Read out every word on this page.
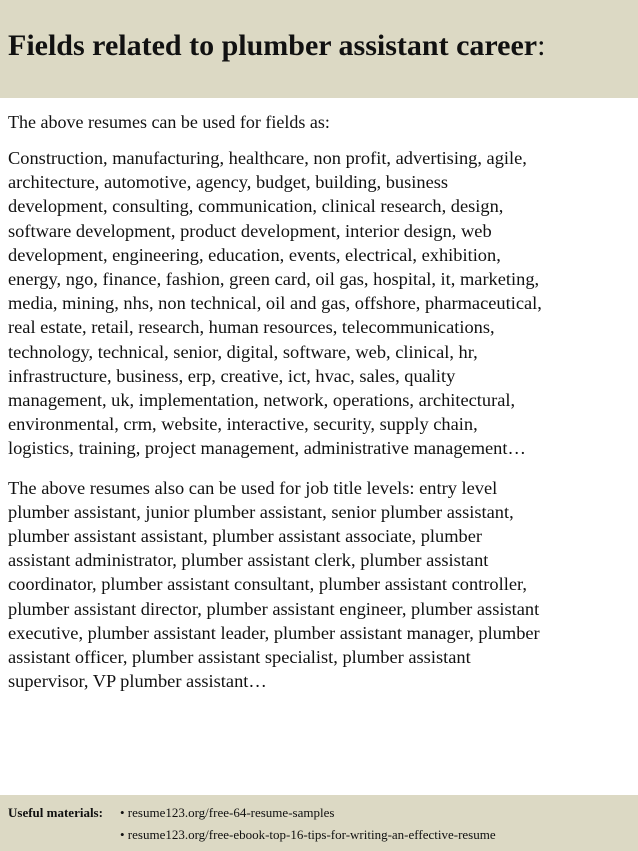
Fields related to plumber assistant career:

The above resumes can be used for fields as:

Construction, manufacturing, healthcare, non profit, advertising, agile,
architecture, automotive, agency, budget, building, business
development, consulting, communication, clinical research, design,
software development, product development, interior design, web
development, engineering, education, events, electrical, exhibition,
energy, ngo, finance, fashion, green card, oil gas, hospital, it, marketing,
media, mining, nhs, non technical, oil and gas, offshore, pharmaceutical,
real estate, retail, research, human resources, telecommunications,
technology, technical, senior, digital, software, web, clinical, hr,
infrastructure, business, erp, creative, ict, hvac, sales, quality
management, uk, implementation, network, operations, architectural,
environmental, crm, website, interactive, security, supply chain,
logistics, training, project management, administrative management…

The above resumes also can be used for job title levels: entry level
plumber assistant, junior plumber assistant, senior plumber assistant,
plumber assistant assistant, plumber assistant associate, plumber
assistant administrator, plumber assistant clerk, plumber assistant
coordinator, plumber assistant consultant, plumber assistant controller,
plumber assistant director, plumber assistant engineer, plumber assistant
executive, plumber assistant leader, plumber assistant manager, plumber
assistant officer, plumber assistant specialist, plumber assistant
supervisor, VP plumber assistant…

Useful materials: • resume123.org/free-64-resume-samples
• resume123.org/free-ebook-top-16-tips-for-writing-an-effective-resume
